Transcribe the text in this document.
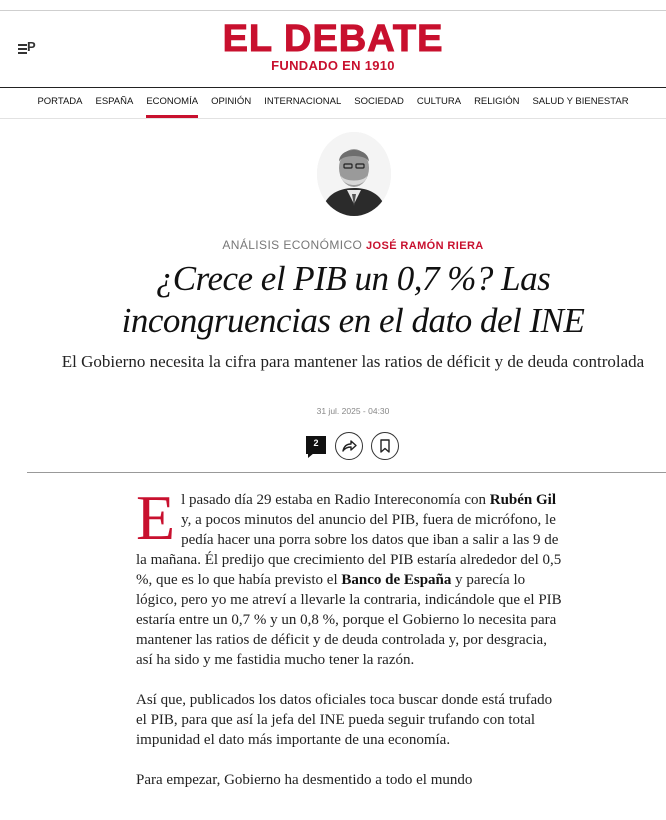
P	EL DEBATE
FUNDADO EN 1910
PORTADA ESPAÑA ECONOMÍA OPINIÓN INTERNACIONAL SOCIEDAD CULTURA RELIGIÓN SALUD Y BIENESTAR
ANÁLISIS ECONÓMICO JOSÉ RAMÓN RIERA
¿Crece el PIB un 0,7 %? Las incongruencias en el dato del INE
El Gobierno necesita la cifra para mantener las ratios de déficit y de deuda controlada
31 jul. 2025 - 04:30
2

El pasado día 29 estaba en Radio Intereconomía con Rubén Gil y, a pocos minutos del anuncio del PIB, fuera de micrófono, le pedía hacer una porra sobre los datos que iban a salir a las 9 de la mañana. Él predijo que crecimiento del PIB estaría alrededor del 0,5 %, que es lo que había previsto el Banco de España y parecía lo lógico, pero yo me atreví a llevarle la contraria, indicándole que el PIB estaría entre un 0,7 % y un 0,8 %, porque el Gobierno lo necesita para mantener las ratios de déficit y de deuda controlada y, por desgracia, así ha sido y me fastidia mucho tener la razón.

Así que, publicados los datos oficiales toca buscar donde está trufado el PIB, para que así la jefa del INE pueda seguir trufando con total impunidad el dato más importante de una economía.

Para empezar, Gobierno ha desmentido a todo el mundo
